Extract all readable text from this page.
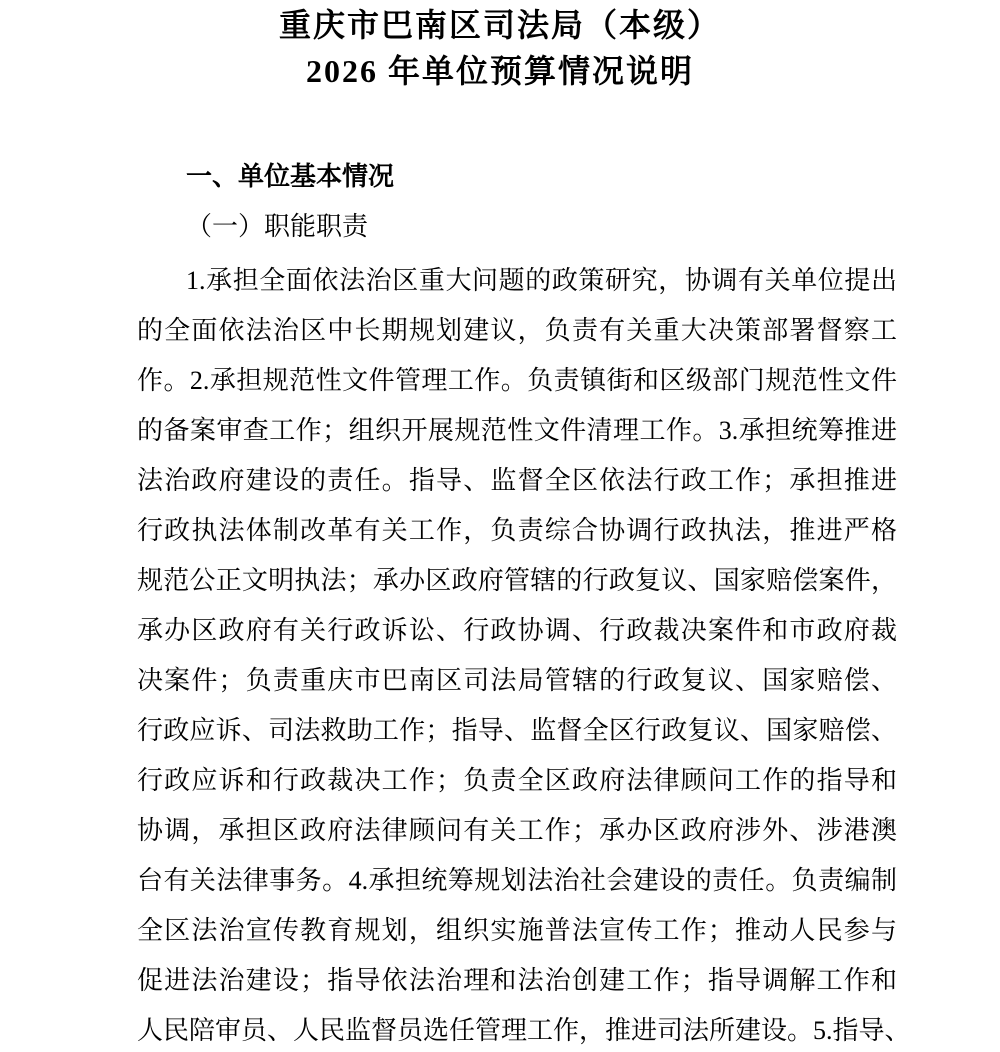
重庆市巴南区司法局（本级）
2026 年单位预算情况说明
一、单位基本情况
（一）职能职责
1.承担全面依法治区重大问题的政策研究，协调有关单位提出
的全面依法治区中长期规划建议，负责有关重大决策部署督察工
作。2.承担规范性文件管理工作。负责镇街和区级部门规范性文件
的备案审查工作；组织开展规范性文件清理工作。3.承担统筹推进
法治政府建设的责任。指导、监督全区依法行政工作；承担推进
行政执法体制改革有关工作，负责综合协调行政执法，推进严格
规范公正文明执法；承办区政府管辖的行政复议、国家赔偿案件，
承办区政府有关行政诉讼、行政协调、行政裁决案件和市政府裁
决案件；负责重庆市巴南区司法局管辖的行政复议、国家赔偿、
行政应诉、司法救助工作；指导、监督全区行政复议、国家赔偿、
行政应诉和行政裁决工作；负责全区政府法律顾问工作的指导和
协调，承担区政府法律顾问有关工作；承办区政府涉外、涉港澳
台有关法律事务。4.承担统筹规划法治社会建设的责任。负责编制
全区法治宣传教育规划，组织实施普法宣传工作；推动人民参与
促进法治建设；指导依法治理和法治创建工作；指导调解工作和
人民陪审员、人民监督员选任管理工作，推进司法所建设。5.指导、
